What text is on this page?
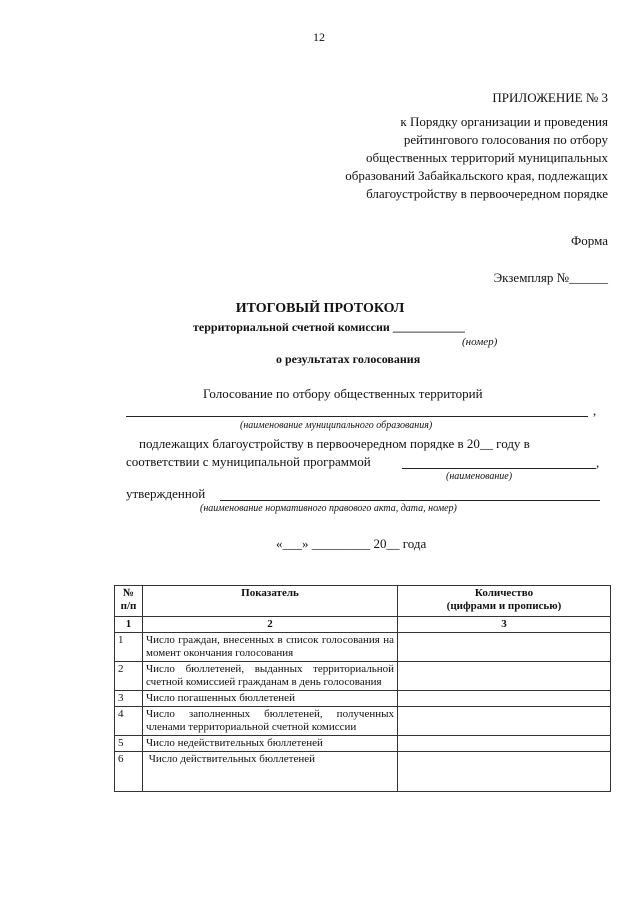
12
ПРИЛОЖЕНИЕ № 3
к Порядку организации и проведения
рейтингового голосования по отбору
общественных территорий муниципальных
образований Забайкальского края, подлежащих
благоустройству в первоочередном порядке
Форма
Экземпляр №______
ИТОГОВЫЙ ПРОТОКОЛ
территориальной счетной комиссии ____________
(номер)
о результатах голосования
Голосование по отбору общественных территорий
,
(наименование муниципального образования)
подлежащих благоустройству в первоочередном порядке в 20__ году в
соответствии с муниципальной программой	,
(наименование)
утвержденной
(наименование нормативного правового акта, дата, номер)
«___» _________ 20__ года
№
п/п	Показатель	Количество
(цифрами и прописью)
1	2	3
1	Число граждан, внесенных в список голосования на момент окончания голосования	
2	Число бюллетеней, выданных территориальной счетной комиссией гражданам в день голосования	
3	Число погашенных бюллетеней	
4	Число заполненных бюллетеней, полученных членами территориальной счетной комиссии	
5	Число недействительных бюллетеней	
6	Число действительных бюллетеней	
